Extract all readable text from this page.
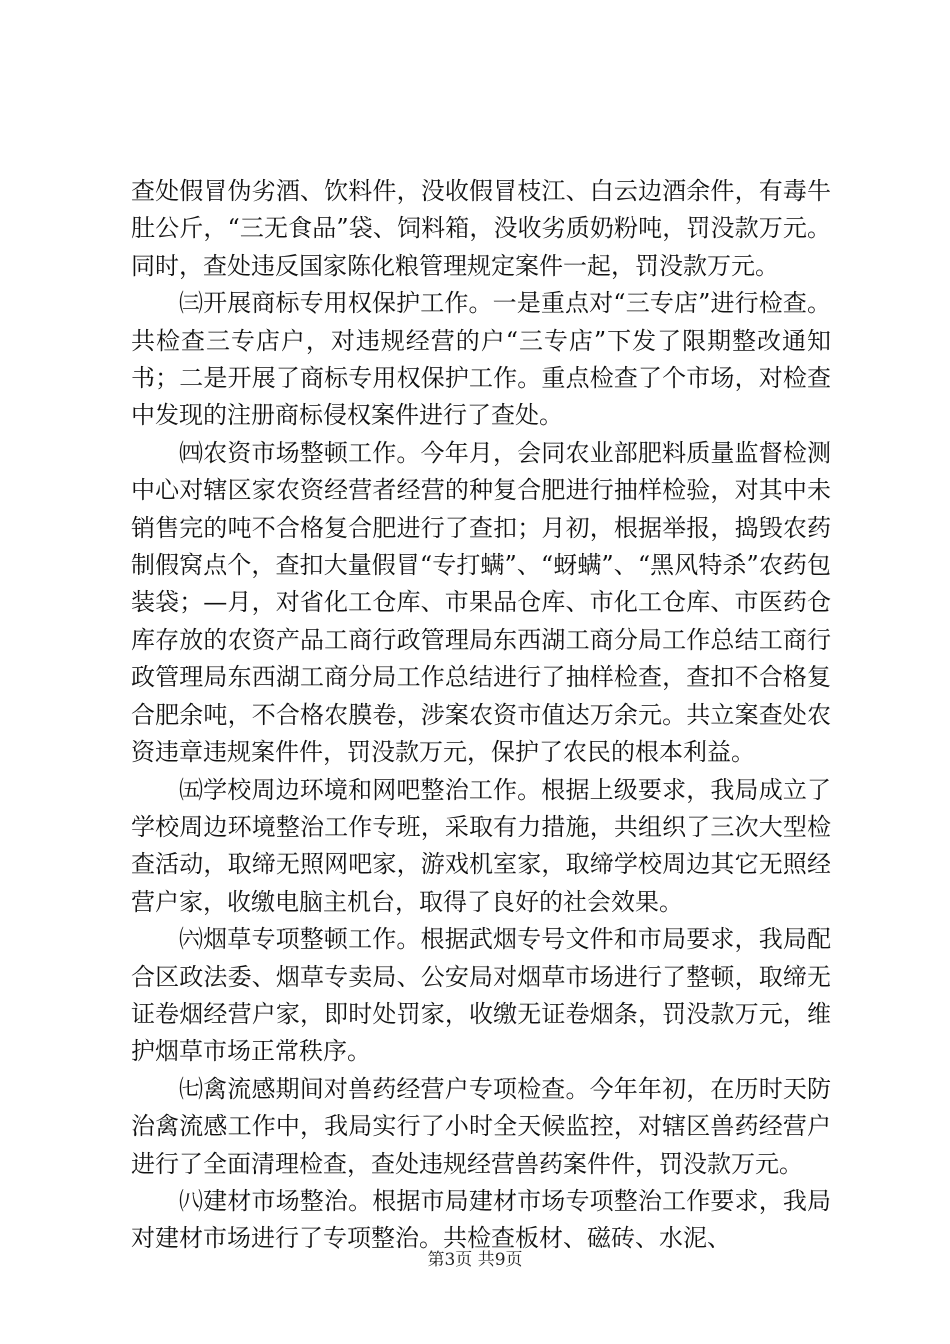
查处假冒伪劣酒、饮料件，没收假冒枝江、白云边酒余件，有毒牛肚公斤，“三无食品”袋、饲料箱，没收劣质奶粉吨，罚没款万元。同时，查处违反国家陈化粮管理规定案件一起，罚没款万元。

㈢开展商标专用权保护工作。一是重点对“三专店”进行检查。共检查三专店户，对违规经营的户“三专店”下发了限期整改通知书；二是开展了商标专用权保护工作。重点检查了个市场，对检查中发现的注册商标侵权案件进行了查处。

㈣农资市场整顿工作。今年月，会同农业部肥料质量监督检测中心对辖区家农资经营者经营的种复合肥进行抽样检验，对其中未销售完的吨不合格复合肥进行了查扣；月初，根据举报，捣毁农药制假窝点个，查扣大量假冒“专打螨”、“蚜螨”、“黑风特杀”农药包装袋；—月，对省化工仓库、市果品仓库、市化工仓库、市医药仓库存放的农资产品工商行政管理局东西湖工商分局工作总结工商行政管理局东西湖工商分局工作总结进行了抽样检查，查扣不合格复合肥余吨，不合格农膜卷，涉案农资市值达万余元。共立案查处农资违章违规案件件，罚没款万元，保护了农民的根本利益。

㈤学校周边环境和网吧整治工作。根据上级要求，我局成立了学校周边环境整治工作专班，采取有力措施，共组织了三次大型检查活动，取缔无照网吧家，游戏机室家，取缔学校周边其它无照经营户家，收缴电脑主机台，取得了良好的社会效果。

㈥烟草专项整顿工作。根据武烟专号文件和市局要求，我局配合区政法委、烟草专卖局、公安局对烟草市场进行了整顿，取缔无证卷烟经营户家，即时处罚家，收缴无证卷烟条，罚没款万元，维护烟草市场正常秩序。

㈦禽流感期间对兽药经营户专项检查。今年年初，在历时天防治禽流感工作中，我局实行了小时全天候监控，对辖区兽药经营户进行了全面清理检查，查处违规经营兽药案件件，罚没款万元。

㈧建材市场整治。根据市局建材市场专项整治工作要求，我局对建材市场进行了专项整治。共检查板材、磁砖、水泥、

第3页 共9页
